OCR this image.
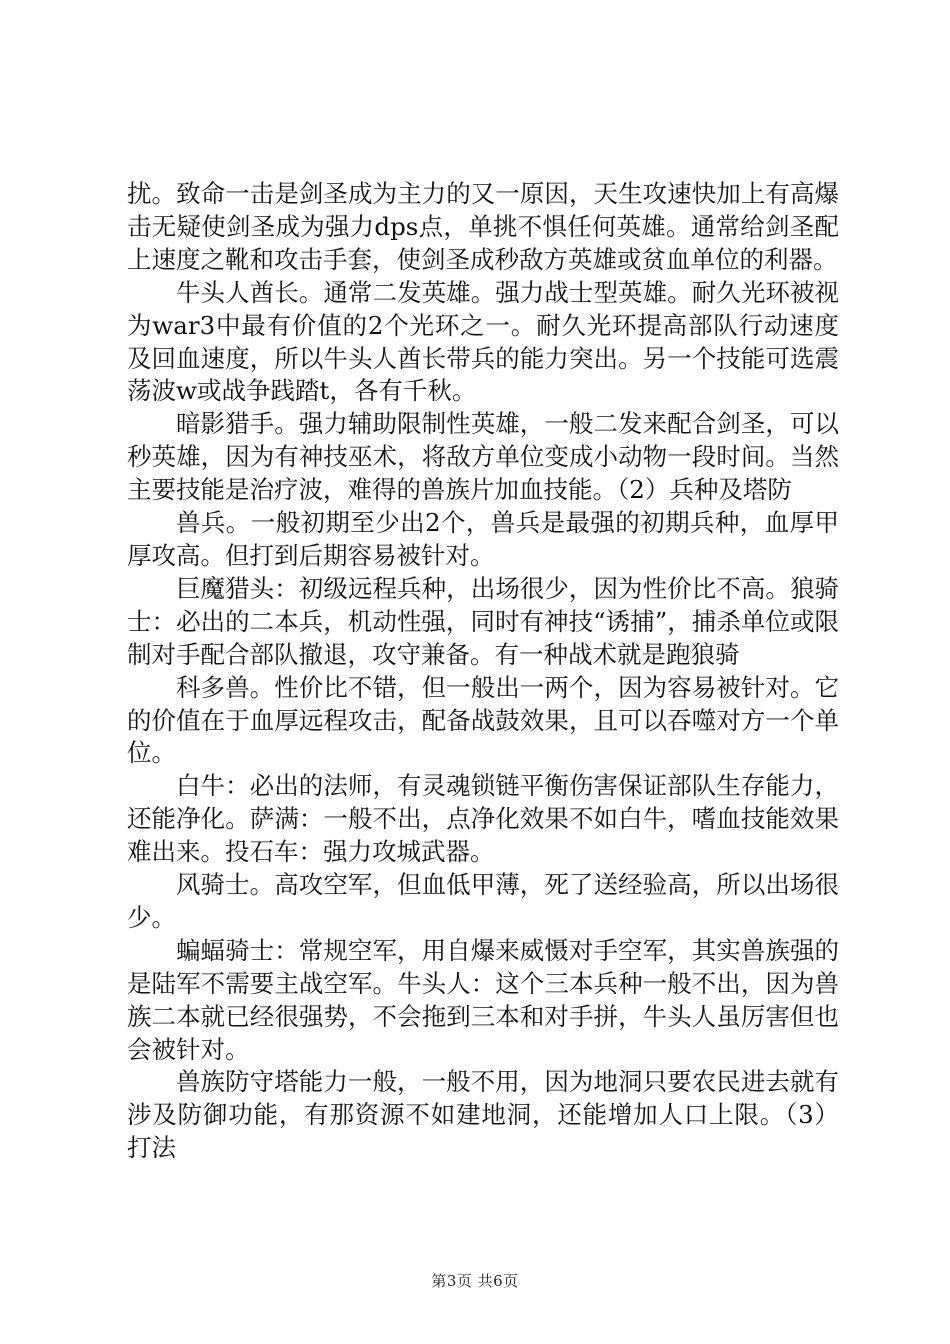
扰。致命一击是剑圣成为主力的又一原因，天生攻速快加上有高爆击无疑使剑圣成为强力dps点，单挑不惧任何英雄。通常给剑圣配上速度之靴和攻击手套，使剑圣成秒敌方英雄或贫血单位的利器。

牛头人酋长。通常二发英雄。强力战士型英雄。耐久光环被视为war3中最有价值的2个光环之一。耐久光环提高部队行动速度及回血速度，所以牛头人酋长带兵的能力突出。另一个技能可选震荡波w或战争践踏t，各有千秋。

暗影猎手。强力辅助限制性英雄，一般二发来配合剑圣，可以秒英雄，因为有神技巫术，将敌方单位变成小动物一段时间。当然主要技能是治疗波，难得的兽族片加血技能。（2）兵种及塔防

兽兵。一般初期至少出2个，兽兵是最强的初期兵种，血厚甲厚攻高。但打到后期容易被针对。

巨魔猎头：初级远程兵种，出场很少，因为性价比不高。狼骑士：必出的二本兵，机动性强，同时有神技“诱捕”，捕杀单位或限制对手配合部队撤退，攻守兼备。有一种战术就是跑狼骑

科多兽。性价比不错，但一般出一两个，因为容易被针对。它的价值在于血厚远程攻击，配备战鼓效果，且可以吞噬对方一个单位。

白牛：必出的法师，有灵魂锁链平衡伤害保证部队生存能力，还能净化。萨满：一般不出，点净化效果不如白牛，嗜血技能效果难出来。投石车：强力攻城武器。

风骑士。高攻空军，但血低甲薄，死了送经验高，所以出场很少。

蝙蝠骑士：常规空军，用自爆来威慑对手空军，其实兽族强的是陆军不需要主战空军。牛头人：这个三本兵种一般不出，因为兽族二本就已经很强势，不会拖到三本和对手拼，牛头人虽厉害但也会被针对。

兽族防守塔能力一般，一般不用，因为地洞只要农民进去就有涉及防御功能，有那资源不如建地洞，还能增加人口上限。（3）打法

第3页 共6页
